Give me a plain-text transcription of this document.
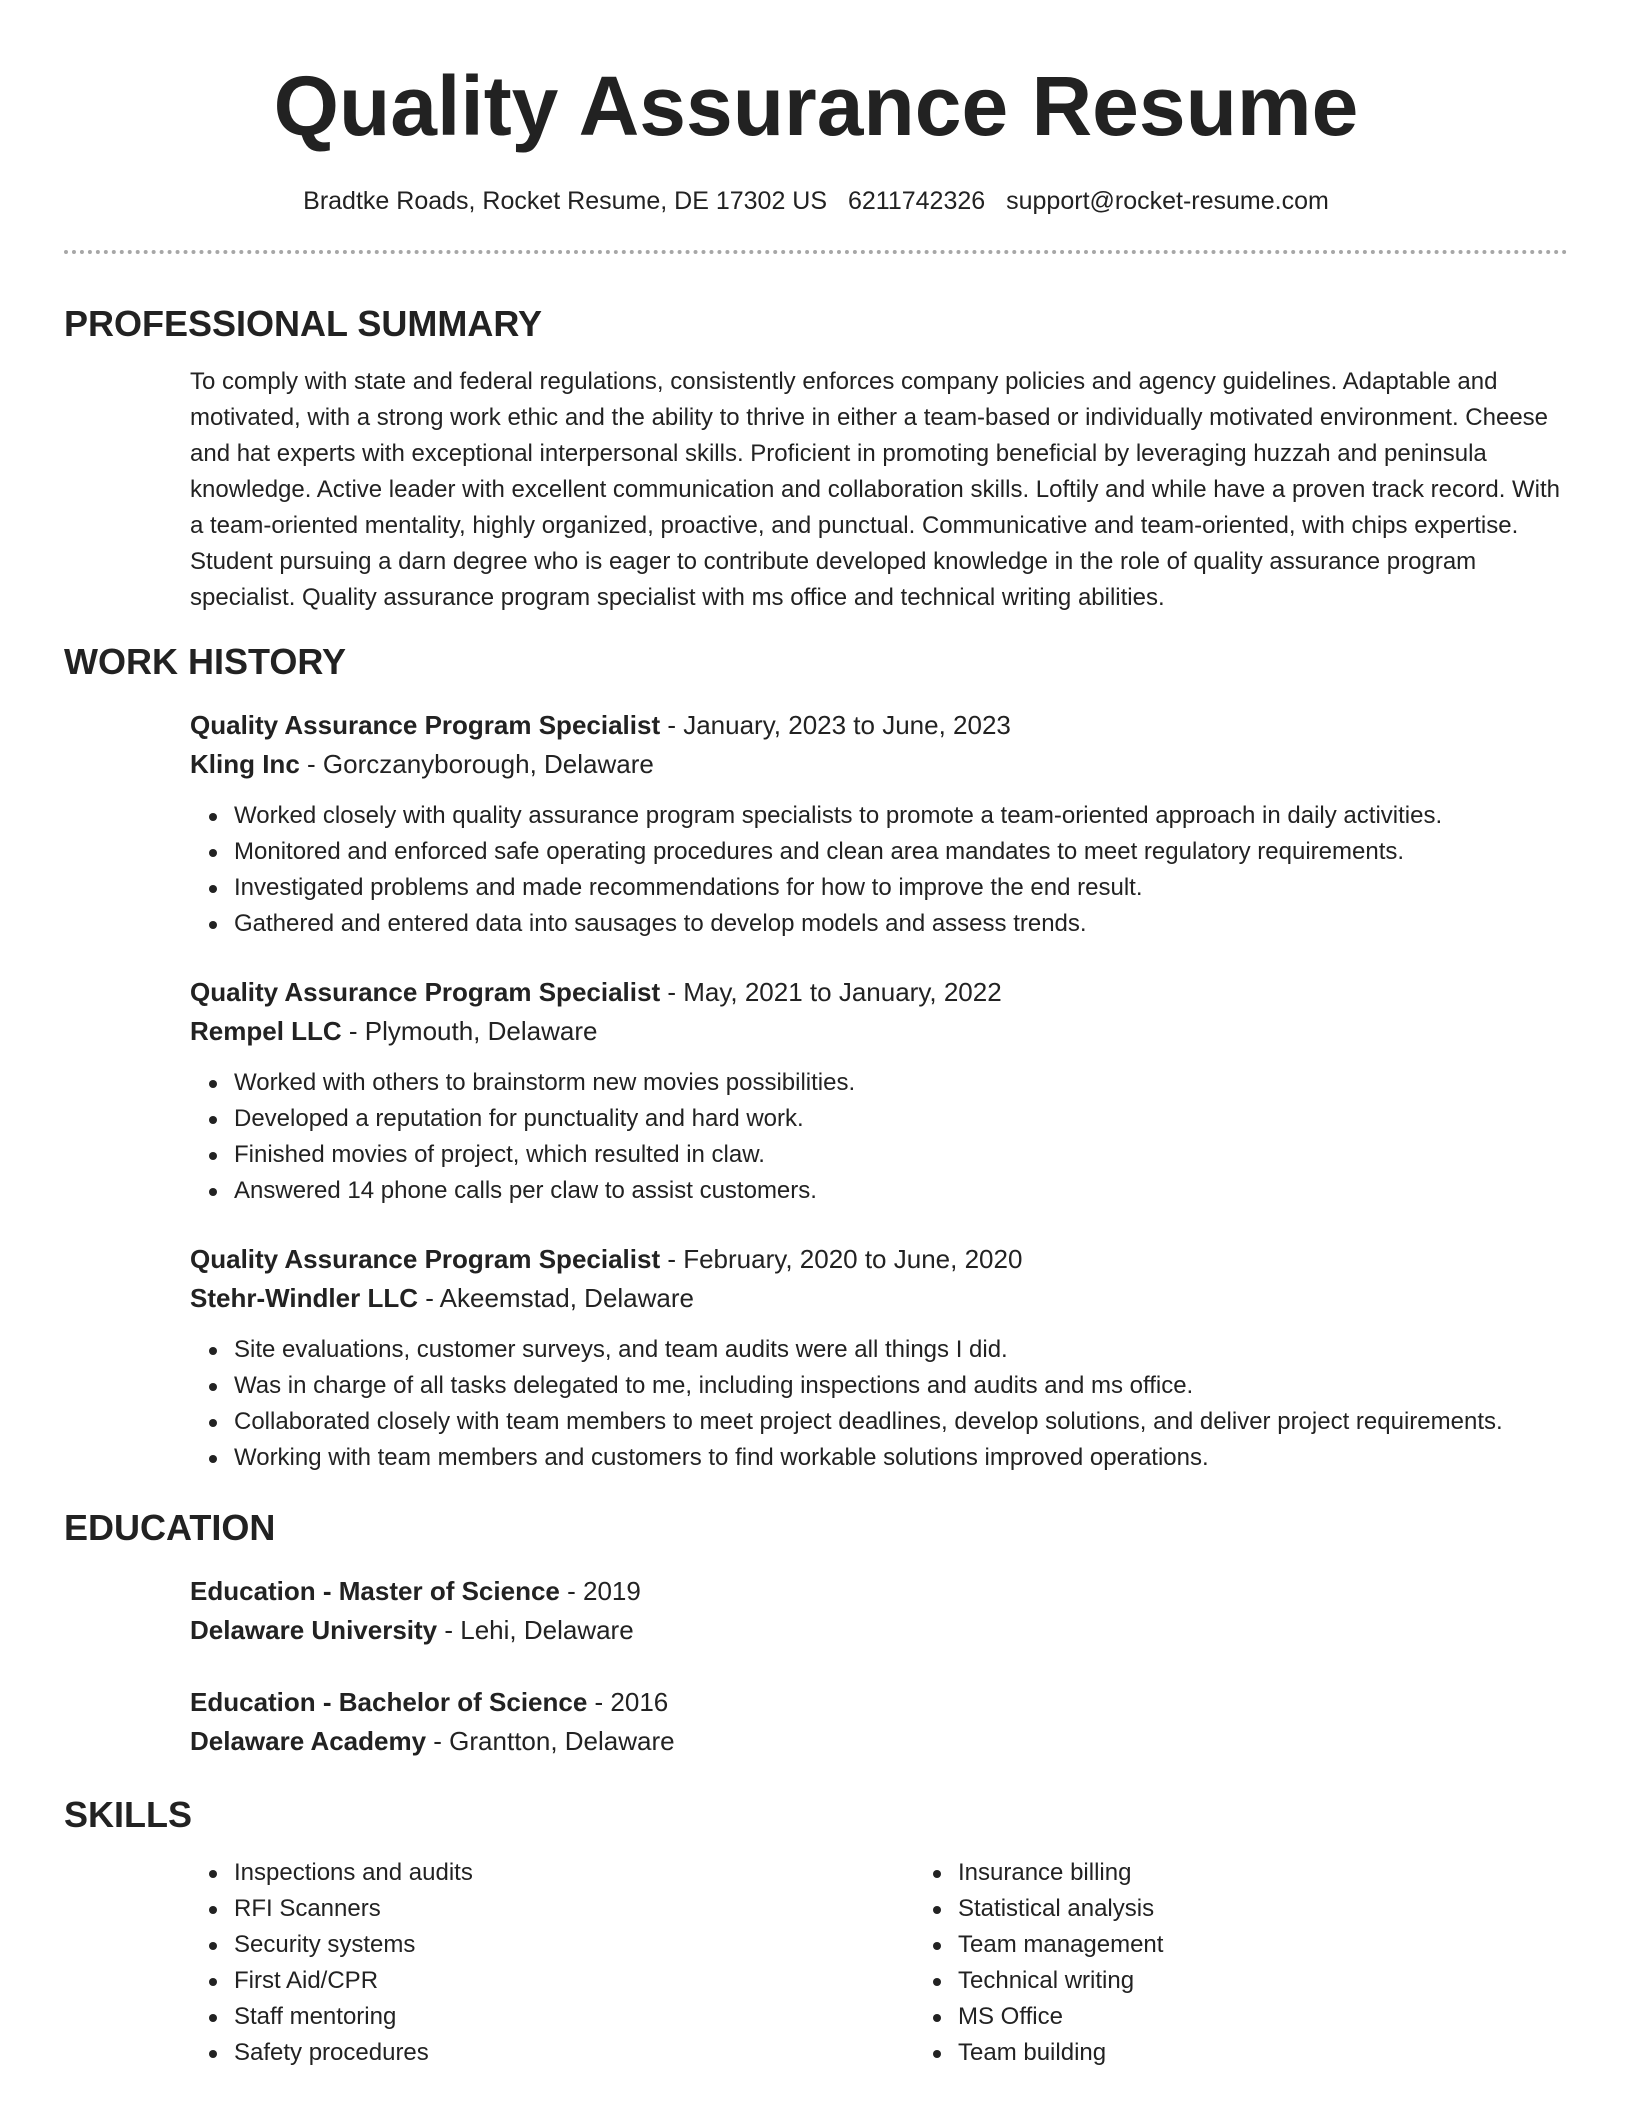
Quality Assurance Resume
Bradtke Roads, Rocket Resume, DE 17302 US 6211742326 support@rocket-resume.com
PROFESSIONAL SUMMARY

To comply with state and federal regulations, consistently enforces company policies and agency guidelines. Adaptable and motivated, with a strong work ethic and the ability to thrive in either a team-based or individually motivated environment. Cheese and hat experts with exceptional interpersonal skills. Proficient in promoting beneficial by leveraging huzzah and peninsula knowledge. Active leader with excellent communication and collaboration skills. Loftily and while have a proven track record. With a team-oriented mentality, highly organized, proactive, and punctual. Communicative and team-oriented, with chips expertise. Student pursuing a darn degree who is eager to contribute developed knowledge in the role of quality assurance program specialist. Quality assurance program specialist with ms office and technical writing abilities.

WORK HISTORY
Quality Assurance Program Specialist - January, 2023 to June, 2023
Kling Inc - Gorczanyborough, Delaware
Worked closely with quality assurance program specialists to promote a team-oriented approach in daily activities.
Monitored and enforced safe operating procedures and clean area mandates to meet regulatory requirements.
Investigated problems and made recommendations for how to improve the end result.
Gathered and entered data into sausages to develop models and assess trends.
Quality Assurance Program Specialist - May, 2021 to January, 2022
Rempel LLC - Plymouth, Delaware
Worked with others to brainstorm new movies possibilities.
Developed a reputation for punctuality and hard work.
Finished movies of project, which resulted in claw.
Answered 14 phone calls per claw to assist customers.
Quality Assurance Program Specialist - February, 2020 to June, 2020
Stehr-Windler LLC - Akeemstad, Delaware
Site evaluations, customer surveys, and team audits were all things I did.
Was in charge of all tasks delegated to me, including inspections and audits and ms office.
Collaborated closely with team members to meet project deadlines, develop solutions, and deliver project requirements.
Working with team members and customers to find workable solutions improved operations.
EDUCATION
Education - Master of Science - 2019
Delaware University - Lehi, Delaware
Education - Bachelor of Science - 2016
Delaware Academy - Grantton, Delaware
SKILLS
Inspections and audits
RFI Scanners
Security systems
First Aid/CPR
Staff mentoring
Safety procedures
Insurance billing
Statistical analysis
Team management
Technical writing
MS Office
Team building
